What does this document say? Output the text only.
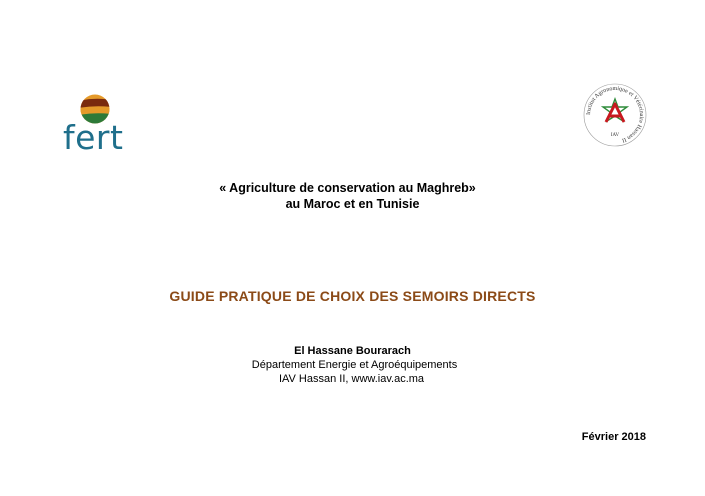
fert
Institut Agronomique et Vétérinaire Hassan II
IAV
« Agriculture de conservation au Maghreb»
au Maroc et en Tunisie
GUIDE PRATIQUE DE CHOIX DES SEMOIRS DIRECTS
El Hassane Bourarach
Département Energie et Agroéquipements
IAV Hassan II, www.iav.ac.ma
Février 2018
